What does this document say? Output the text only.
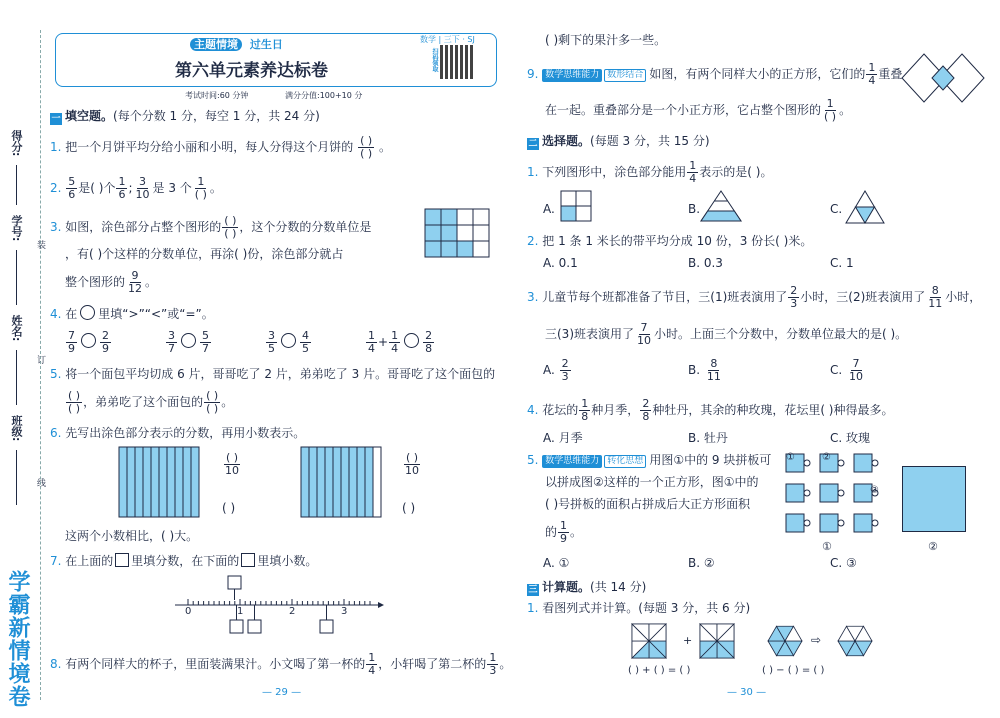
得分:
学号:
姓名:
班级:
装
订
线
学霸新情境卷
主题情境 过生日	数学 | 三下 · SJ
第六单元素养达标卷	扫码领取
考试时间:60 分钟	满分分值:100+10 分
一 填空题。(每个分数 1 分，每空 1 分，共 24 分)
1. 把一个月饼平均分给小丽和小明，每人分得这个月饼的 $\frac{( )}{( )}$ 。
2. $\frac{5}{6}$ 是( )个 $\frac{1}{6}$ ; $\frac{3}{10}$ 是 3 个 $\frac{1}{( )}$ 。
3. 如图，涂色部分占整个图形的 $\frac{( )}{( )}$ ，这个分数的分数单位是
，有( )个这样的分数单位，再涂( )份，涂色部分就占
整个图形的 $\frac{9}{12}$ 。
4. 在 里填“>”“<”或“=”。
$\frac{7}{9} \frac{2}{9}$	$\frac{3}{7} \frac{5}{7}$	$\frac{3}{5} \frac{4}{5}$	$\frac{1}{4} + \frac{1}{4} \frac{2}{8}$
5. 将一个面包平均切成 6 片，哥哥吃了 2 片，弟弟吃了 3 片。哥哥吃了这个面包的
$\frac{( )}{( )}$ ，弟弟吃了这个面包的 $\frac{( )}{( )}$ 。
6. 先写出涂色部分表示的分数，再用小数表示。
$\frac{( )}{10}$
( )
$\frac{( )}{10}$
( )
这两个小数相比，( )大。
7. 在上面的 里填分数，在下面的 里填小数。
0	1	2	3
8. 有两个同样大的杯子，里面装满果汁。小文喝了第一杯的 $\frac{1}{4}$ ，小轩喝了第二杯的 $\frac{1}{3}$ 。
— 29 —
( )剩下的果汁多一些。
9. 数学思维能力 数形结合 如图，有两个同样大小的正方形，它们的 $\frac{1}{4}$ 重叠
在一起。重叠部分是一个小正方形，它占整个图形的 $\frac{1}{( )}$ 。
二 选择题。(每题 3 分，共 15 分)
1. 下列图形中，涂色部分能用 $\frac{1}{4}$ 表示的是( )。
A.	B.	C.
2. 把 1 条 1 米长的带平均分成 10 份，3 份长( )米。
A. 0.1	B. 0.3	C. 1
3. 儿童节每个班都准备了节目，三(1)班表演用了 $\frac{2}{3}$ 小时，三(2)班表演用了 $\frac{8}{11}$ 小时，
三(3)班表演用了 $\frac{7}{10}$ 小时。上面三个分数中，分数单位最大的是( )。
A. $\frac{2}{3}$	B. $\frac{8}{11}$	C. $\frac{7}{10}$
4. 花坛的 $\frac{1}{8}$ 种月季， $\frac{2}{8}$ 种牡丹，其余的种玫瑰，花坛里( )种得最多。
A. 月季	B. 牡丹	C. 玫瑰
5. 数学思维能力 转化思想 用图①中的 9 块拼板可
以拼成图②这样的一个正方形，图①中的
( )号拼板的面积占拼成后大正方形面积
的 $\frac{1}{9}$ 。
①	②
③
①	②
A. ①	B. ②	C. ③
三 计算题。(共 14 分)
1. 看图列式并计算。(每题 3 分，共 6 分)
+	⇨
( ) + ( ) = ( )	( ) − ( ) = ( )
— 30 —
